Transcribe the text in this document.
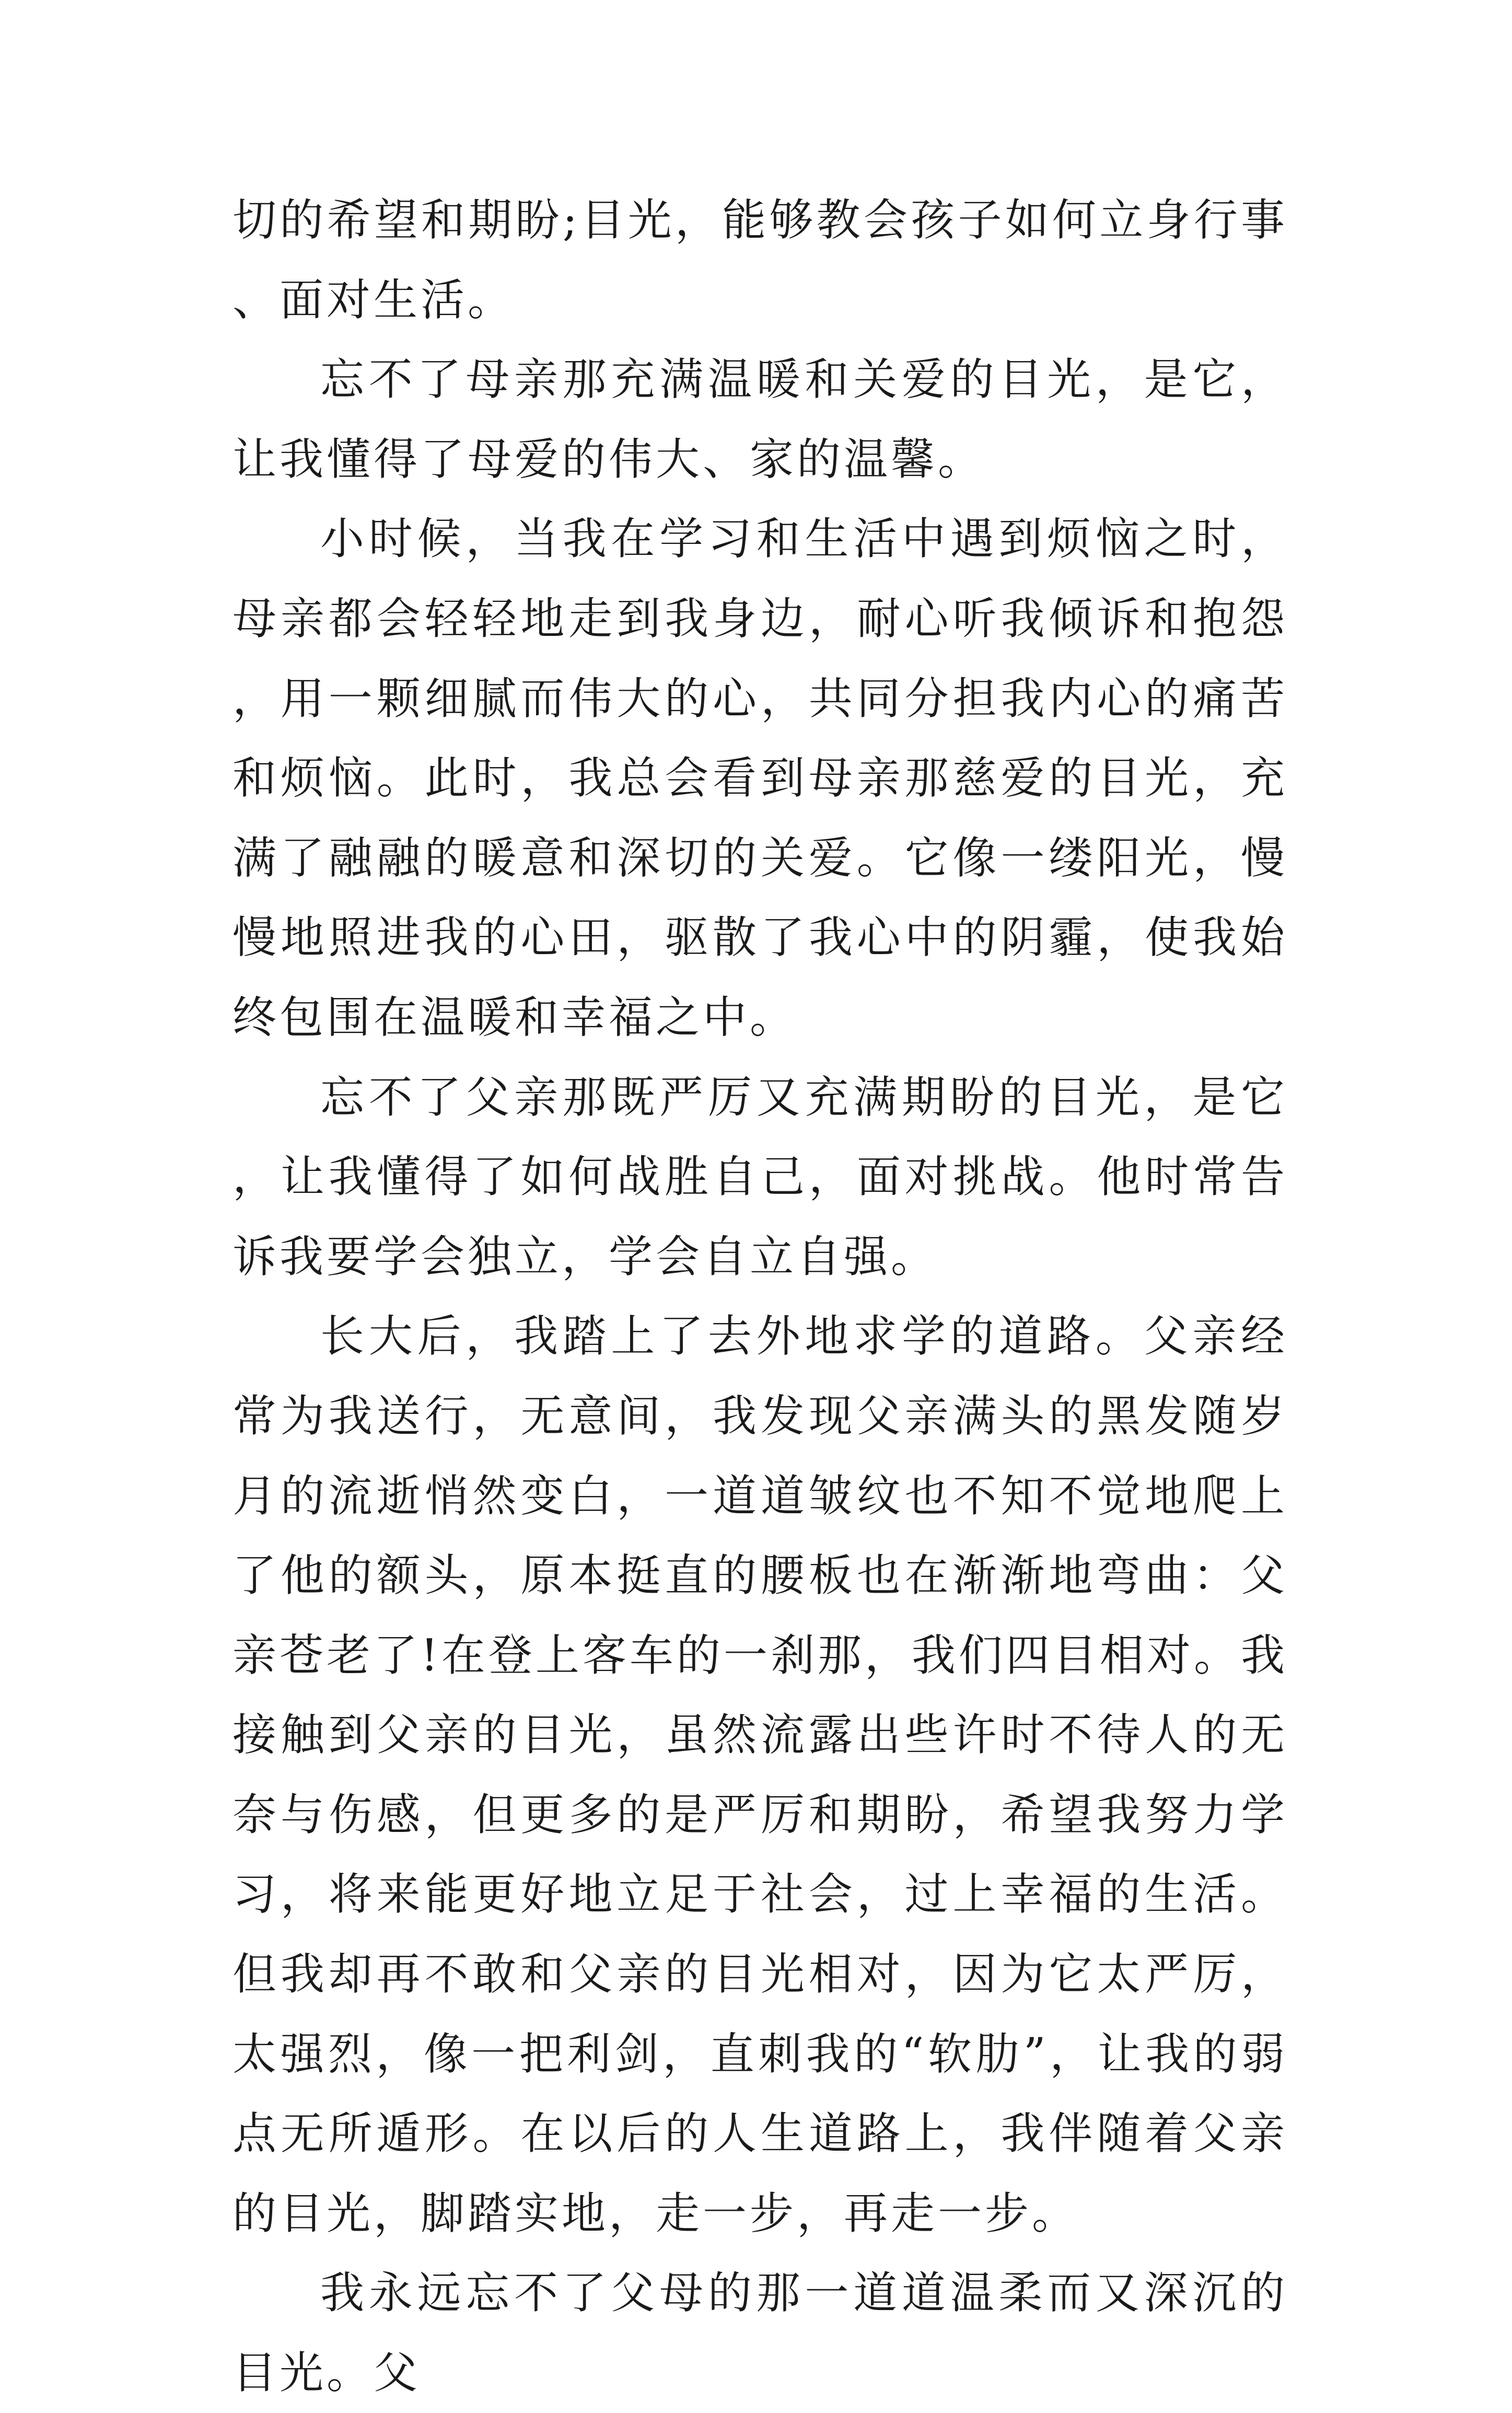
切的希望和期盼;目光，能够教会孩子如何立身行事、面对生活。

忘不了母亲那充满温暖和关爱的目光，是它，让我懂得了母爱的伟大、家的温馨。

小时候，当我在学习和生活中遇到烦恼之时，母亲都会轻轻地走到我身边，耐心听我倾诉和抱怨，用一颗细腻而伟大的心，共同分担我内心的痛苦和烦恼。此时，我总会看到母亲那慈爱的目光，充满了融融的暖意和深切的关爱。它像一缕阳光，慢慢地照进我的心田，驱散了我心中的阴霾，使我始终包围在温暖和幸福之中。

忘不了父亲那既严厉又充满期盼的目光，是它，让我懂得了如何战胜自己，面对挑战。他时常告诉我要学会独立，学会自立自强。

长大后，我踏上了去外地求学的道路。父亲经常为我送行，无意间，我发现父亲满头的黑发随岁月的流逝悄然变白，一道道皱纹也不知不觉地爬上了他的额头，原本挺直的腰板也在渐渐地弯曲：父亲苍老了!在登上客车的一刹那，我们四目相对。我接触到父亲的目光，虽然流露出些许时不待人的无奈与伤感，但更多的是严厉和期盼，希望我努力学习，将来能更好地立足于社会，过上幸福的生活。但我却再不敢和父亲的目光相对，因为它太严厉，太强烈，像一把利剑，直刺我的“软肋”，让我的弱点无所遁形。在以后的人生道路上，我伴随着父亲的目光，脚踏实地，走一步，再走一步。

我永远忘不了父母的那一道道温柔而又深沉的目光。父
